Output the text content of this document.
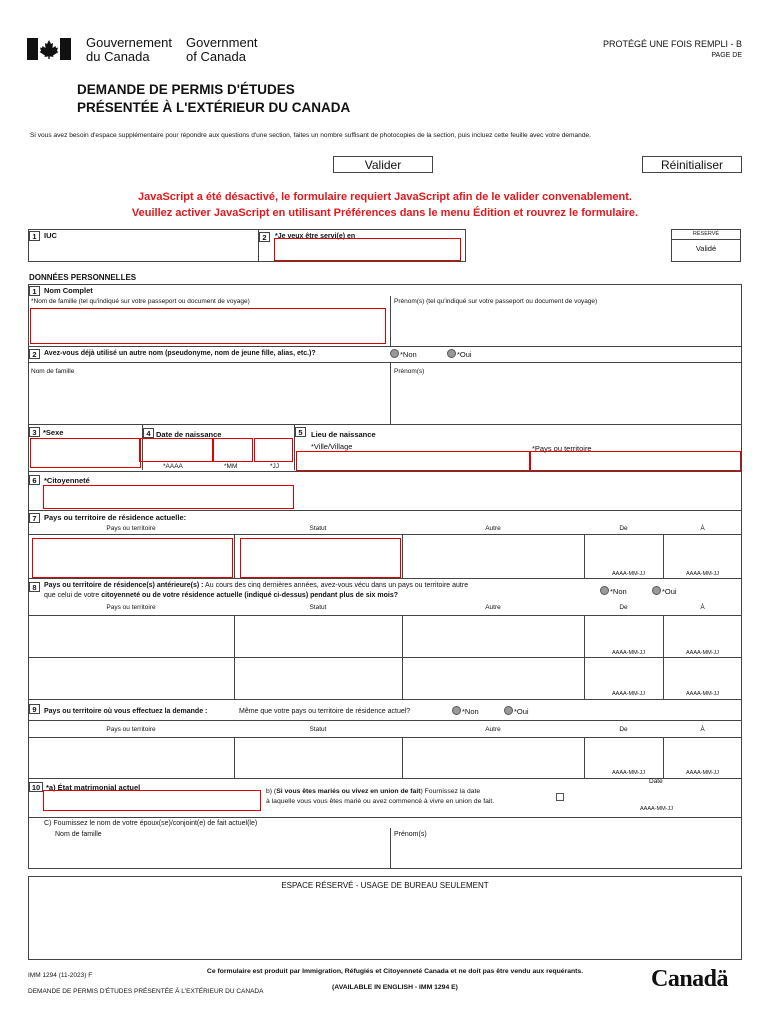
Gouvernement
du Canada
Government
of Canada
PROTÉGÉ UNE FOIS REMPLI - B
PAGE DE
DEMANDE DE PERMIS D'ÉTUDES
PRÉSENTÉE À L'EXTÉRIEUR DU CANADA
Si vous avez besoin d'espace supplémentaire pour répondre aux questions d'une section, faites un nombre suffisant de photocopies de la section, puis incluez cette feuille avec votre demande.
Valider	Réinitialiser
JavaScript a été désactivé, le formulaire requiert JavaScript afin de le valider convenablement.
Veuillez activer JavaScript en utilisant Préférences dans le menu Édition et rouvrez le formulaire.
1 IUC	2	*Je veux être servi(e) en	RÉSERVÉ
Validé
DONNÉES PERSONNELLES
1 Nom Complet
*Nom de famille (tel qu'indiqué sur votre passeport ou document de voyage)	Prénom(s) (tel qu'indiqué sur votre passeport ou document de voyage)
2	Avez-vous déjà utilisé un autre nom (pseudonyme, nom de jeune fille, alias, etc.)?	*Non	*Oui
Nom de famille	Prénom(s)
3 *Sexe	4 Date de naissance
*AAAA	*MM	*JJ
5	Lieu de naissance
*Ville/Village	*Pays ou territoire
6 *Citoyenneté
7 Pays ou territoire de résidence actuelle:
Pays ou territoire	Statut	Autre	De	À
AAAA-MM-JJ	AAAA-MM-JJ
8	Pays ou territoire de résidence(s) antérieure(s) : Au cours des cinq dernières années, avez-vous vécu dans un pays ou territoire autre
que celui de votre citoyenneté ou de votre résidence actuelle (indiqué ci-dessus) pendant plus de six mois?	*Non	*Oui
Pays ou territoire	Statut	Autre	De	À
AAAA-MM-JJ	AAAA-MM-JJ
AAAA-MM-JJ	AAAA-MM-JJ
9	Pays ou territoire où vous effectuez la demande :	Même que votre pays ou territoire de résidence actuel?	*Non	*Oui
Pays ou territoire	Statut	Autre	De	À
AAAA-MM-JJ	AAAA-MM-JJ
10 *a) État matrimonial actuel	b) (Si vous êtes mariés ou vivez en union de fait) Fournissez la date
à laquelle vous vous êtes marié ou avez commencé à vivre en union de fait.
Date
AAAA-MM-JJ
C) Fournissez le nom de votre époux(se)/conjoint(e) de fait actuel(le)
Nom de famille	Prénom(s)
ESPACE RÉSERVÉ - USAGE DE BUREAU SEULEMENT
IMM 1294 (11-2023) F
DEMANDE DE PERMIS D'ÉTUDES PRÉSENTÉE À L'EXTÉRIEUR DU CANADA
Ce formulaire est produit par Immigration, Réfugiés et Citoyenneté Canada et ne doit pas être vendu aux requérants.
(AVAILABLE IN ENGLISH - IMM 1294 E)	Canadä
